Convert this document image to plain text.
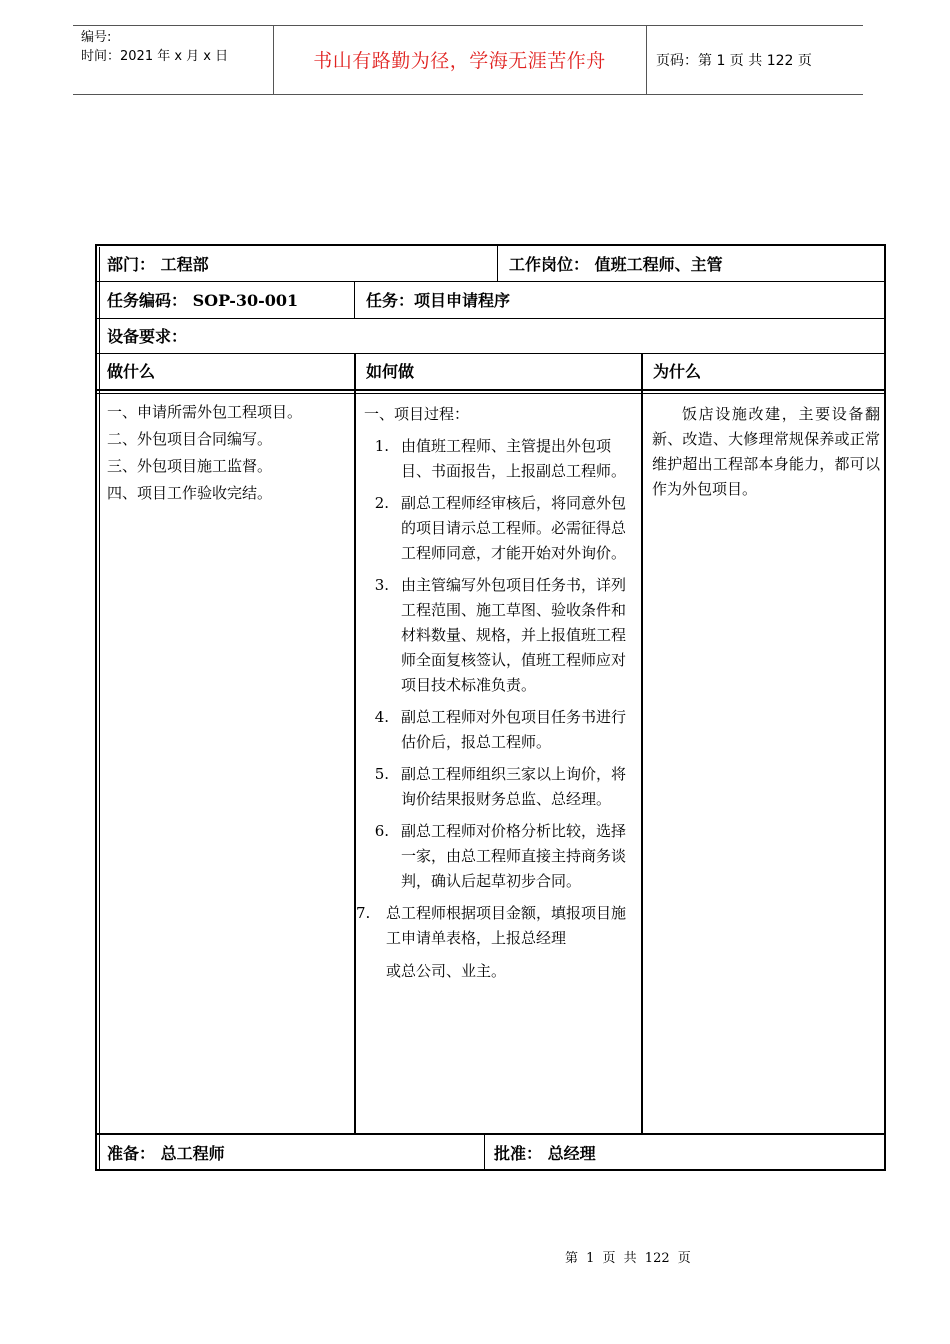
编号:
时间：2021 年 x 月 x 日	书山有路勤为径，学海无涯苦作舟	页码：第 1 页 共 122 页
部门： 工程部	工作岗位： 值班工程师、主管
任务编码： SOP-30-001	任务：项目申请程序
设备要求：
做什么	如何做	为什么
一、申请所需外包工程项目。
二、外包项目合同编写。
三、外包项目施工监督。
四、项目工作验收完结。
一、项目过程：
1. 由值班工程师、主管提出外包项目、书面报告，上报副总工程师。
2. 副总工程师经审核后，将同意外包的项目请示总工程师。必需征得总工程师同意，才能开始对外询价。
3. 由主管编写外包项目任务书，详列工程范围、施工草图、验收条件和材料数量、规格，并上报值班工程师全面复核签认，值班工程师应对项目技术标准负责。
4. 副总工程师对外包项目任务书进行估价后，报总工程师。
5. 副总工程师组织三家以上询价，将询价结果报财务总监、总经理。
6. 副总工程师对价格分析比较，选择一家，由总工程师直接主持商务谈判，确认后起草初步合同。
7.	总工程师根据项目金额，填报项目施工申请单表格，上报总经理
或总公司、业主。
饭店设施改建，主要设备翻新、改造、大修理常规保养或正常维护超出工程部本身能力，都可以作为外包项目。
准备： 总工程师	批准： 总经理
第 1 页 共 122 页
